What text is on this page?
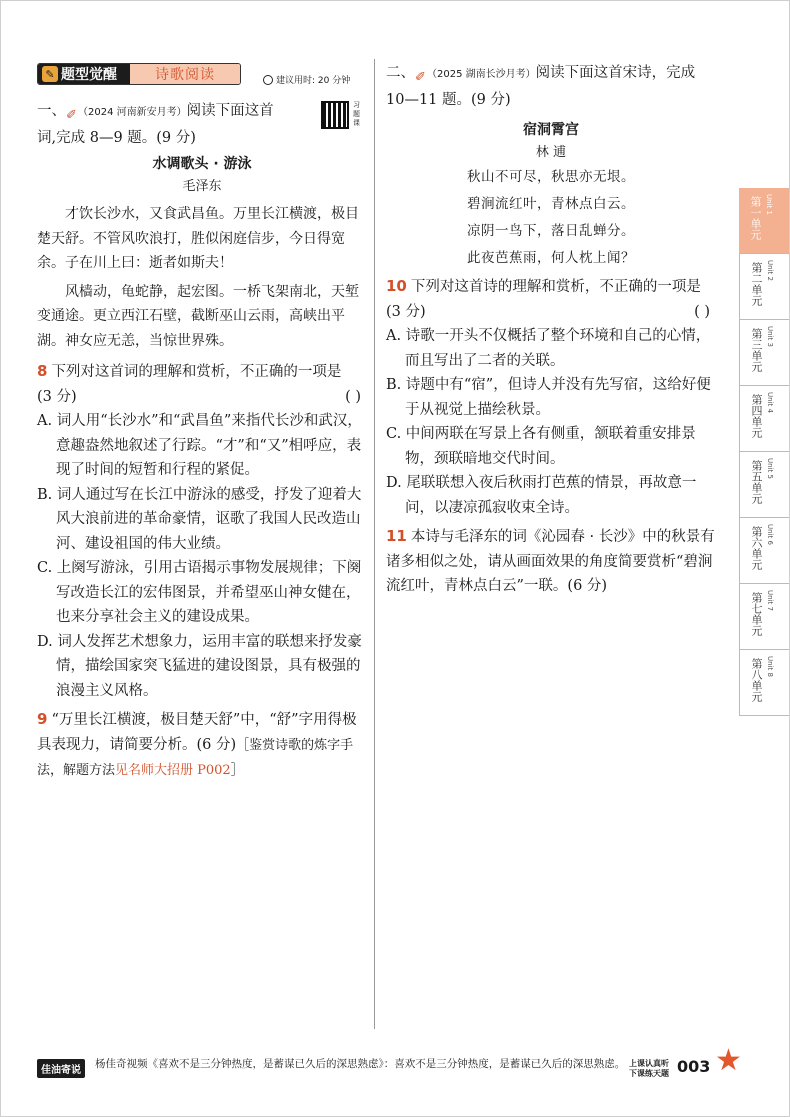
✎ 题型觉醒	诗歌阅读	建议用时: 20 分钟
习题课
一、✐（2024 河南新安月考）阅读下面这首
词,完成 8—9 题。(9 分)
水调歌头 · 游泳
毛泽东

才饮长沙水，又食武昌鱼。万里长江横渡，极目楚天舒。不管风吹浪打，胜似闲庭信步，今日得宽余。子在川上曰：逝者如斯夫！

风樯动，龟蛇静，起宏图。一桥飞架南北，天堑变通途。更立西江石壁，截断巫山云雨，高峡出平湖。神女应无恙，当惊世界殊。

8 下列对这首词的理解和赏析，不正确的一项是
(3 分)	( )
A. 词人用“长沙水”和“武昌鱼”来指代长沙和武汉，意趣盎然地叙述了行踪。“才”和“又”相呼应，表现了时间的短暂和行程的紧促。
B. 词人通过写在长江中游泳的感受，抒发了迎着大风大浪前进的革命豪情，讴歌了我国人民改造山河、建设祖国的伟大业绩。
C. 上阕写游泳，引用古语揭示事物发展规律；下阕写改造长江的宏伟图景，并希望巫山神女健在，也来分享社会主义的建设成果。
D. 词人发挥艺术想象力，运用丰富的联想来抒发豪情，描绘国家突飞猛进的建设图景，具有极强的浪漫主义风格。
9 “万里长江横渡，极目楚天舒”中，“舒”字用得极具表现力，请简要分析。(6 分)［鉴赏诗歌的炼字手法，解题方法见名师大招册 P002］
二、✐（2025 湖南长沙月考）阅读下面这首宋诗，完成
10—11 题。(9 分)
宿洞霄宫
林 逋
秋山不可尽，秋思亦无垠。
碧涧流红叶，青林点白云。
凉阴一鸟下，落日乱蝉分。
此夜芭蕉雨，何人枕上闻？
10 下列对这首诗的理解和赏析，不正确的一项是
(3 分)	( )
A. 诗歌一开头不仅概括了整个环境和自己的心情，而且写出了二者的关联。
B. 诗题中有“宿”，但诗人并没有先写宿，这给好便于从视觉上描绘秋景。
C. 中间两联在写景上各有侧重，颔联着重安排景物，颈联暗地交代时间。
D. 尾联联想入夜后秋雨打芭蕉的情景，再故意一问，以凄凉孤寂收束全诗。
11 本诗与毛泽东的词《沁园春 · 长沙》中的秋景有诸多相似之处，请从画面效果的角度简要赏析“碧涧流红叶，青林点白云”一联。(6 分)
第一单元 Unit 1
第二单元 Unit 2
第三单元 Unit 3
第四单元 Unit 4
第五单元 Unit 5
第六单元 Unit 6
第七单元 Unit 7
第八单元 Unit 8
佳油寄说
杨佳奇视频《喜欢不是三分钟热度，是蓄谋已久后的深思熟虑》：喜欢不是三分钟热度，是蓄谋已久后的深思熟虑。 上课认真听
下课练天题 003 ★
